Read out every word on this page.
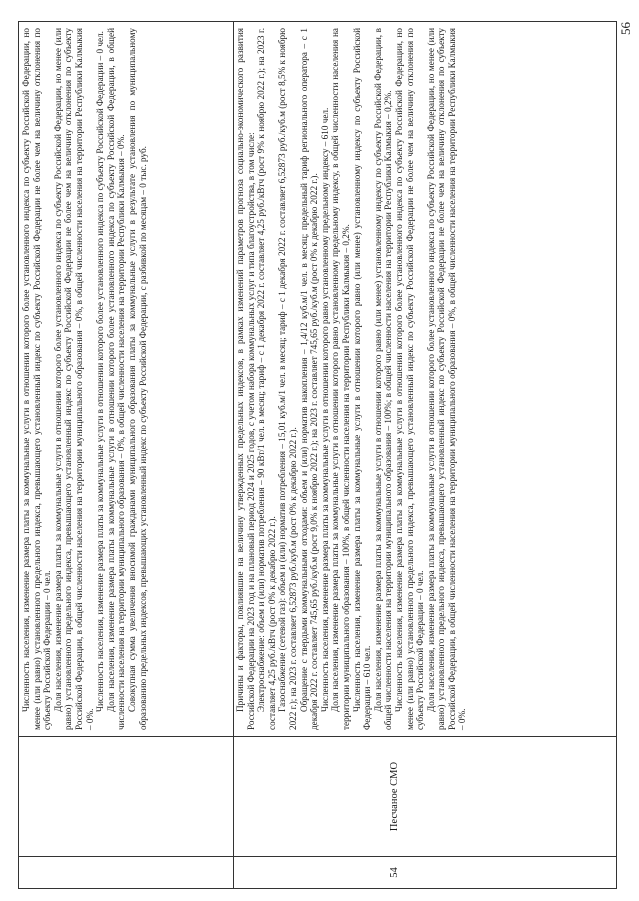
Численность населения, изменение размера платы за коммунальные услуги в отношении которого более установленного индекса по субъекту Российской Федерации, но менее (или равно) установленного предельного индекса, превышающего установленный индекс по субъекту Российской Федерации не более чем на величину отклонения по субъекту Российской Федерации – 0 чел. Доля населения, изменение размера платы за коммунальные услуги в отношении которого более установленного индекса по субъекту Российской Федерации, но менее (или равно) установленного предельного индекса, превышающего установленный индекс по субъекту Российской Федерации не более чем на величину отклонения по субъекту Российской Федерации, в общей численности населения на территории муниципального образования – 0%, в общей численности населения на территории Республики Калмыкия – 0%.

Численность населения, изменение размера платы за коммунальные услуги в отношении которого более установленного индекса по субъекту Российской Федерации – 0 чел. Доля населения, изменение размера платы за коммунальные услуги в отношении которого более установленного индекса по субъекту Российской Федерации, в общей численности населения на территории муниципального образования – 0%, в общей численности населения на территории Республики Калмыкия – 0%. Совокупная сумма увеличения вносимой гражданами муниципального образования платы за коммунальные услуги в результате установления по муниципальному образованию предельных индексов, превышающих установленный индекс по субъекту Российской Федерации, с разбивкой по месяцам – 0 тыс. руб.

54
Песчаное СМО

Причины и факторы, повлиявшие на величину утвержденных предельных индексов, в рамках изменений параметров прогноза социально-экономического развития Российской Федерации на 2023 год и на плановый период 2024 и 2025 годов, с учетом набора коммунальных услуг и типа благоустройства, в том числе: Электроснабжение: объем и (или) норматив потребления – 90 кВт/1 чел. в месяц; тариф – с 1 декабря 2022 г. составляет 4,25 руб./кВтч (рост 9% к ноябрю 2022 г.); на 2023 г. составляет 4,25 руб./кВтч (рост 0% к декабрю 2022 г.). Газоснабжение (сетевой газ): объем и (или) норматив потребления – 15,01 куб.м/1 чел. в месяц; тариф – с 1 декабря 2022 г. составляет 6,52873 руб./куб.м (рост 8,5% к ноябрю 2022 г.); на 2023 г. составляет 6,52873 руб./куб.м (рост 0% к декабрю 2022 г.). Обращение с твердыми коммунальными отходами: объем и (или) норматив накопления – 1,4/12 куб.м/1 чел. в месяц; предельный тариф регионального оператора – с 1 декабря 2022 г. составляет 745,65 руб./куб.м (рост 9,0% к ноябрю 2022 г.); на 2023 г. составляет 745,65 руб./куб.м (рост 0% к декабрю 2022 г.). Численность населения, изменение размера платы за коммунальные услуги в отношении которого равно установленному предельному индексу – 610 чел. Доля населения, изменение размера платы за коммунальные услуги в отношении которого равно установленному предельному индексу, в общей численности населения на территории муниципального образования – 100%, в общей численности населения на территории Республики Калмыкия – 0,2%. Численность населения, изменение размера платы за коммунальные услуги в отношении которого равно (или менее) установленному индексу по субъекту Российской Федерации – 610 чел. Доля населения, изменение размера платы за коммунальные услуги в отношении которого равно (или менее) установленному индексу по субъекту Российской Федерации, в общей численности населения на территории муниципального образования – 100%; в общей численности населения на территории Республики Калмыкия – 0,2%. Численность населения, изменение размера платы за коммунальные услуги в отношении которого более установленного индекса по субъекту Российской Федерации, но менее (или равно) установленного предельного индекса, превышающего установленный индекс по субъекту Российской Федерации не более чем на величину отклонения по субъекту Российской Федерации – 0 чел. Доля населения, изменение размера платы за коммунальные услуги в отношении которого более установленного индекса по субъекту Российской Федерации, но менее (или равно) установленного предельного индекса, превышающего установленный индекс по субъекту Российской Федерации не более чем на величину отклонения по субъекту Российской Федерации, в общей численности населения на территории муниципального образования – 0%, в общей численности населения на территории Республики Калмыкия – 0%.

56
